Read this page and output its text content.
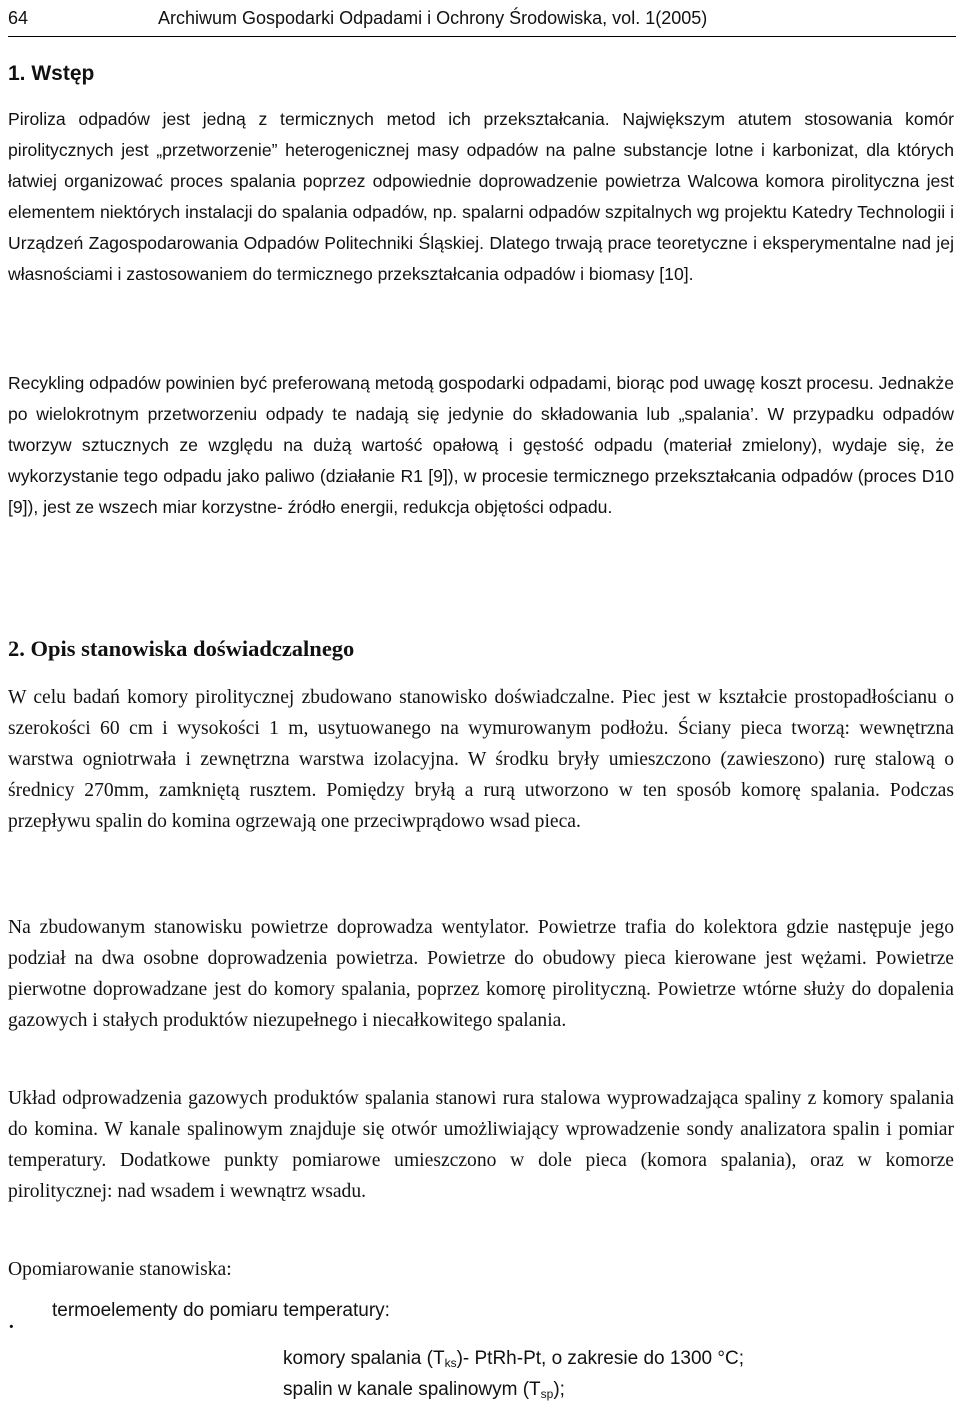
64	Archiwum Gospodarki Odpadami i Ochrony Środowiska, vol. 1(2005)
1. Wstęp

Piroliza odpadów jest jedną z termicznych metod ich przekształcania. Największym atutem stosowania komór pirolitycznych jest „przetworzenie” heterogenicznej masy odpadów na palne substancje lotne i karbonizat, dla których łatwiej organizować proces spalania poprzez odpowiednie doprowadzenie powietrza Walcowa komora pirolityczna jest elementem niektórych instalacji do spalania odpadów, np. spalarni odpadów szpitalnych wg projektu Katedry Technologii i Urządzeń Zagospodarowania Odpadów Politechniki Śląskiej. Dlatego trwają prace teoretyczne i eksperymentalne nad jej własnościami i zastosowaniem do termicznego przekształcania odpadów i biomasy [10].

Recykling odpadów powinien być preferowaną metodą gospodarki odpadami, biorąc pod uwagę koszt procesu. Jednakże po wielokrotnym przetworzeniu odpady te nadają się jedynie do składowania lub „spalania’. W przypadku odpadów tworzyw sztucznych ze względu na dużą wartość opałową i gęstość odpadu (materiał zmielony), wydaje się, że wykorzystanie tego odpadu jako paliwo (działanie R1 [9]), w procesie termicznego przekształcania odpadów (proces D10 [9]), jest ze wszech miar korzystne- źródło energii, redukcja objętości odpadu.

2. Opis stanowiska doświadczalnego

W celu badań komory pirolitycznej zbudowano stanowisko doświadczalne. Piec jest w kształcie prostopadłościanu o szerokości 60 cm i wysokości 1 m, usytuowanego na wymurowanym podłożu. Ściany pieca tworzą: wewnętrzna warstwa ogniotrwała i zewnętrzna warstwa izolacyjna. W środku bryły umieszczono (zawieszono) rurę stalową o średnicy 270mm, zamkniętą rusztem. Pomiędzy bryłą a rurą utworzono w ten sposób komorę spalania. Podczas przepływu spalin do komina ogrzewają one przeciwprądowo wsad pieca.

Na zbudowanym stanowisku powietrze doprowadza wentylator. Powietrze trafia do kolektora gdzie następuje jego podział na dwa osobne doprowadzenia powietrza. Powietrze do obudowy pieca kierowane jest wężami. Powietrze pierwotne doprowadzane jest do komory spalania, poprzez komorę pirolityczną. Powietrze wtórne służy do dopalenia gazowych i stałych produktów niezupełnego i niecałkowitego spalania.

Układ odprowadzenia gazowych produktów spalania stanowi rura stalowa wyprowadzająca spaliny z komory spalania do komina. W kanale spalinowym znajduje się otwór umożliwiający wprowadzenie sondy analizatora spalin i pomiar temperatury. Dodatkowe punkty pomiarowe umieszczono w dole pieca (komora spalania), oraz w komorze pirolitycznej: nad wsadem i wewnątrz wsadu.

Opomiarowanie stanowiska:

·
termoelementy do pomiaru temperatury:
komory spalania $(T_{ks})-$ PtRh-Pt, o zakresie do 1300 °C;
spalin w kanale spalinowym $(T_{sp})$;
